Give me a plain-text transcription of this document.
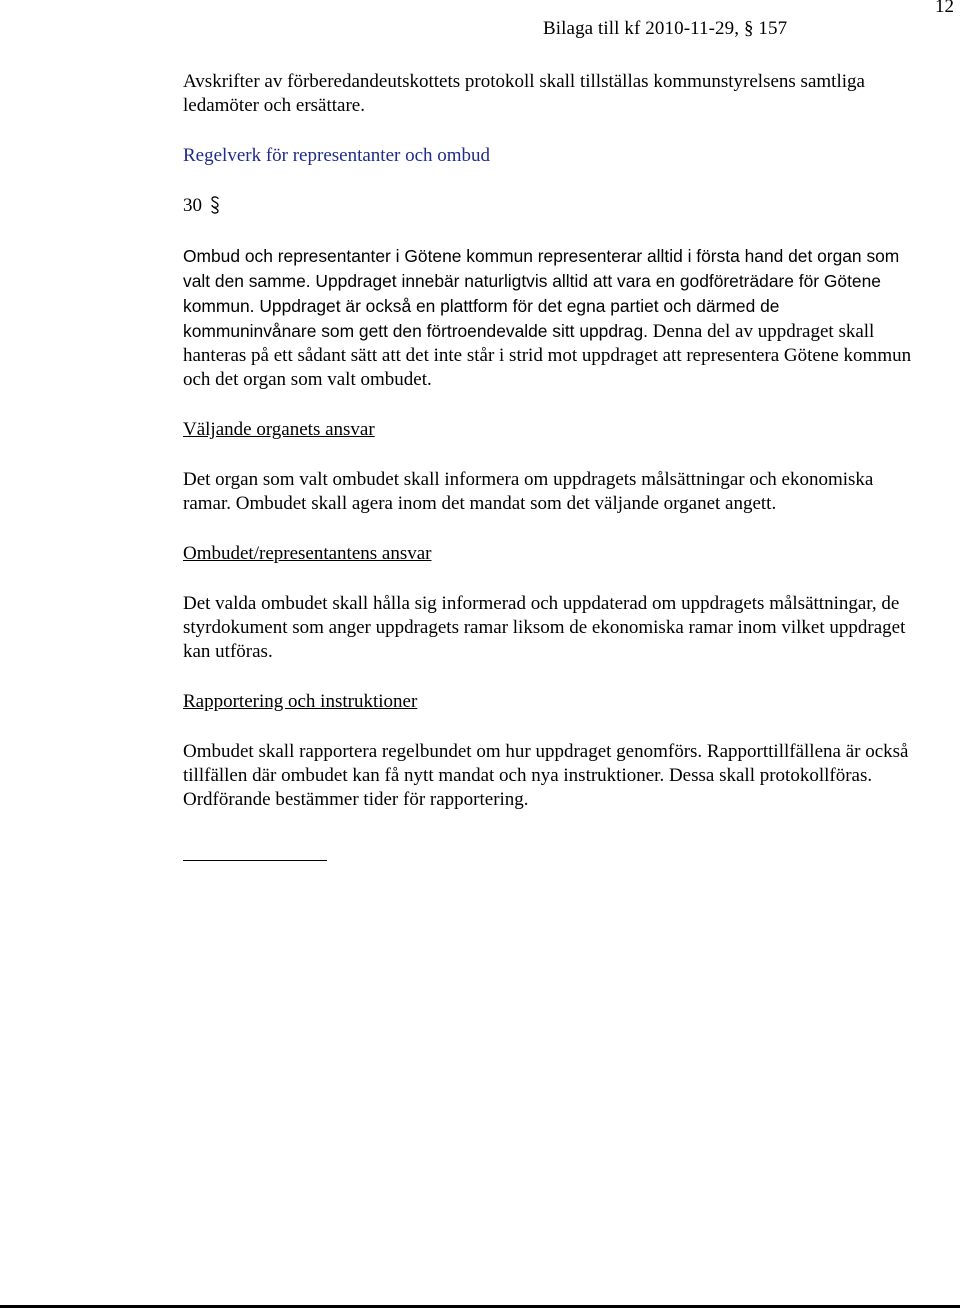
12
Bilaga till kf 2010-11-29, § 157

Avskrifter av förberedandeutskottets protokoll skall tillställas kommunstyrelsens samtliga ledamöter och ersättare.

Regelverk för representanter och ombud

30

Ombud och representanter i Götene kommun representerar alltid i första hand det organ som valt den samme. Uppdraget innebär naturligtvis alltid att vara en godföreträdare för Götene kommun. Uppdraget är också en plattform för det egna partiet och därmed de kommuninvånare som gett den förtroendevalde sitt uppdrag. Denna del av uppdraget skall hanteras på ett sådant sätt att det inte står i strid mot uppdraget att representera Götene kommun och det organ som valt ombudet.

Väljande organets ansvar

Det organ som valt ombudet skall informera om uppdragets målsättningar och ekonomiska ramar. Ombudet skall agera inom det mandat som det väljande organet angett.

Ombudet/representantens ansvar

Det valda ombudet skall hålla sig informerad och uppdaterad om uppdragets målsättningar, de styrdokument som anger uppdragets ramar liksom de ekonomiska ramar inom vilket uppdraget kan utföras.

Rapportering och instruktioner

Ombudet skall rapportera regelbundet om hur uppdraget genomförs. Rapporttillfällena är också tillfällen där ombudet kan få nytt mandat och nya instruktioner. Dessa skall protokollföras. Ordförande bestämmer tider för rapportering.
